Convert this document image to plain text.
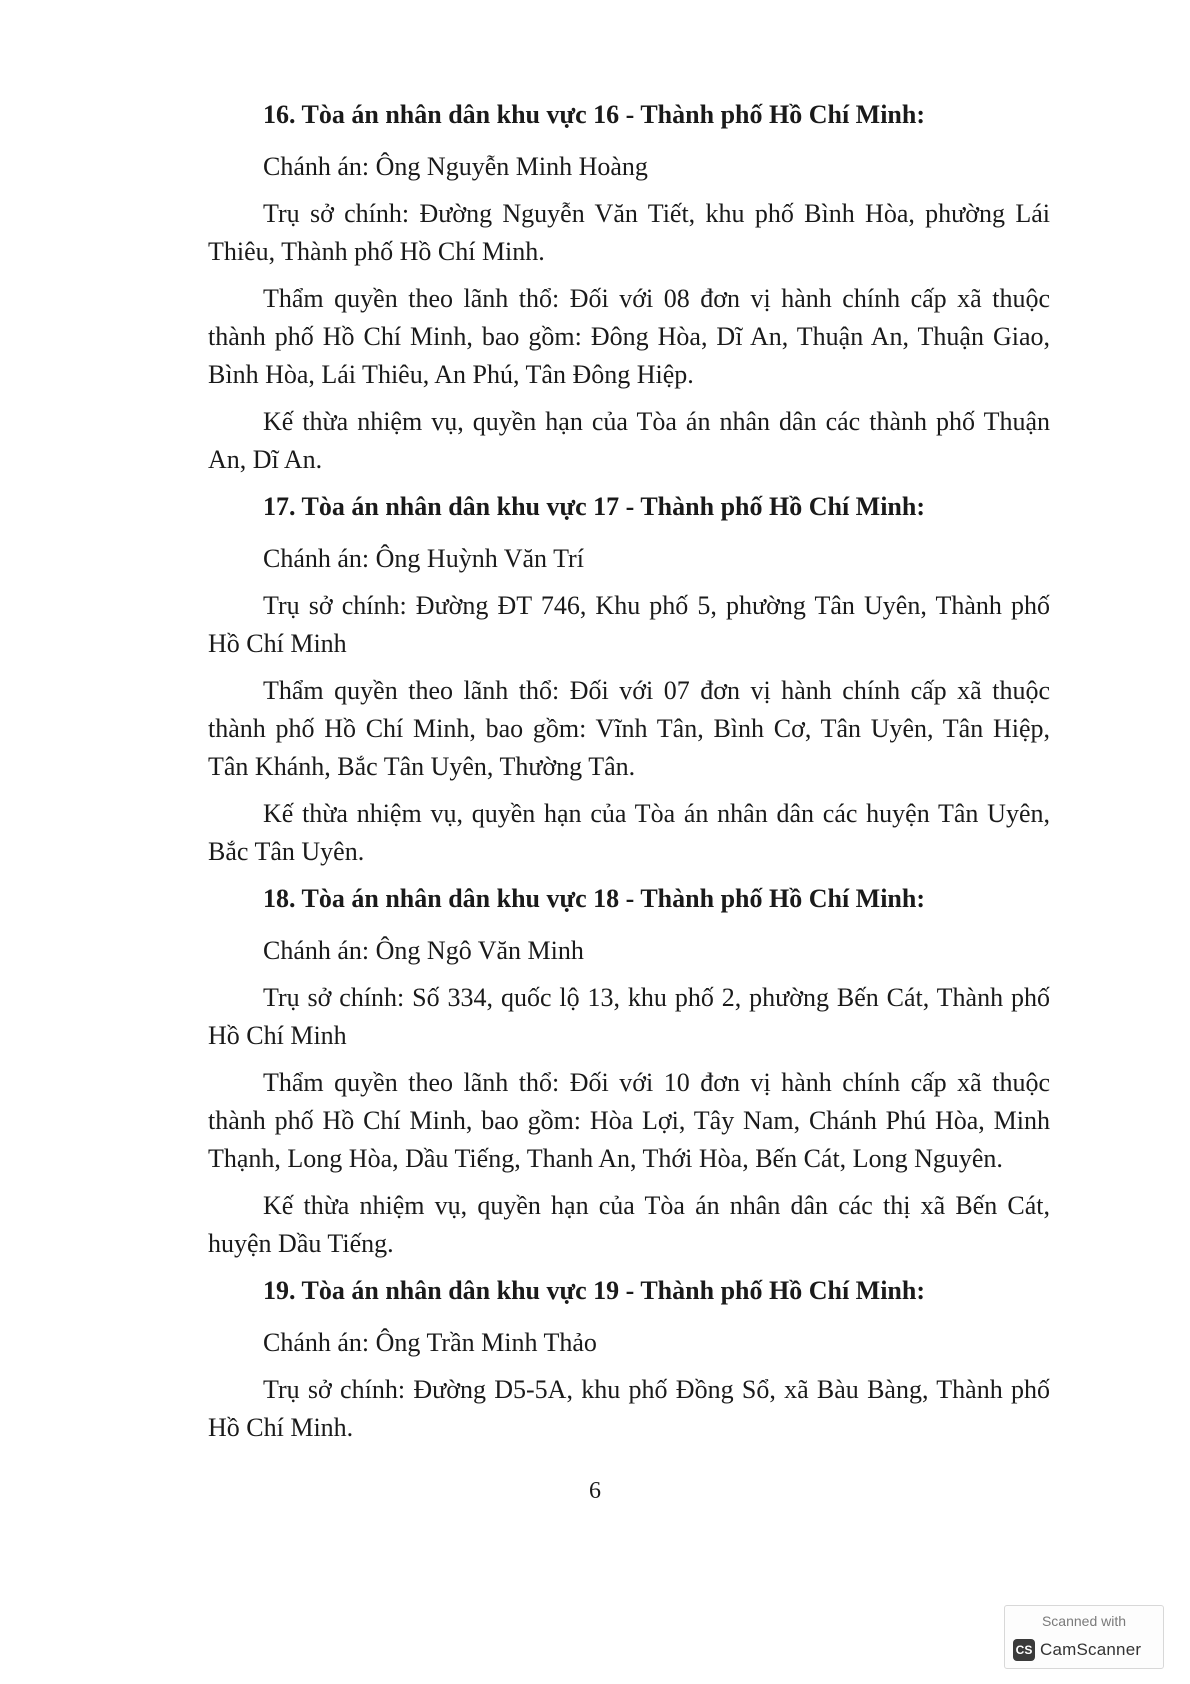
16. Tòa án nhân dân khu vực 16 - Thành phố Hồ Chí Minh:

Chánh án: Ông Nguyễn Minh Hoàng

Trụ sở chính: Đường Nguyễn Văn Tiết, khu phố Bình Hòa, phường Lái Thiêu, Thành phố Hồ Chí Minh.

Thẩm quyền theo lãnh thổ: Đối với 08 đơn vị hành chính cấp xã thuộc thành phố Hồ Chí Minh, bao gồm: Đông Hòa, Dĩ An, Thuận An, Thuận Giao, Bình Hòa, Lái Thiêu, An Phú, Tân Đông Hiệp.

Kế thừa nhiệm vụ, quyền hạn của Tòa án nhân dân các thành phố Thuận An, Dĩ An.

17. Tòa án nhân dân khu vực 17 - Thành phố Hồ Chí Minh:

Chánh án: Ông Huỳnh Văn Trí

Trụ sở chính: Đường ĐT 746, Khu phố 5, phường Tân Uyên, Thành phố Hồ Chí Minh

Thẩm quyền theo lãnh thổ: Đối với 07 đơn vị hành chính cấp xã thuộc thành phố Hồ Chí Minh, bao gồm: Vĩnh Tân, Bình Cơ, Tân Uyên, Tân Hiệp, Tân Khánh, Bắc Tân Uyên, Thường Tân.

Kế thừa nhiệm vụ, quyền hạn của Tòa án nhân dân các huyện Tân Uyên, Bắc Tân Uyên.

18. Tòa án nhân dân khu vực 18 - Thành phố Hồ Chí Minh:

Chánh án: Ông Ngô Văn Minh

Trụ sở chính: Số 334, quốc lộ 13, khu phố 2, phường Bến Cát, Thành phố Hồ Chí Minh

Thẩm quyền theo lãnh thổ: Đối với 10 đơn vị hành chính cấp xã thuộc thành phố Hồ Chí Minh, bao gồm: Hòa Lợi, Tây Nam, Chánh Phú Hòa, Minh Thạnh, Long Hòa, Dầu Tiếng, Thanh An, Thới Hòa, Bến Cát, Long Nguyên.

Kế thừa nhiệm vụ, quyền hạn của Tòa án nhân dân các thị xã Bến Cát, huyện Dầu Tiếng.

19. Tòa án nhân dân khu vực 19 - Thành phố Hồ Chí Minh:

Chánh án: Ông Trần Minh Thảo

Trụ sở chính: Đường D5-5A, khu phố Đồng Sổ, xã Bàu Bàng, Thành phố Hồ Chí Minh.

6
Scanned with
CS CamScanner
